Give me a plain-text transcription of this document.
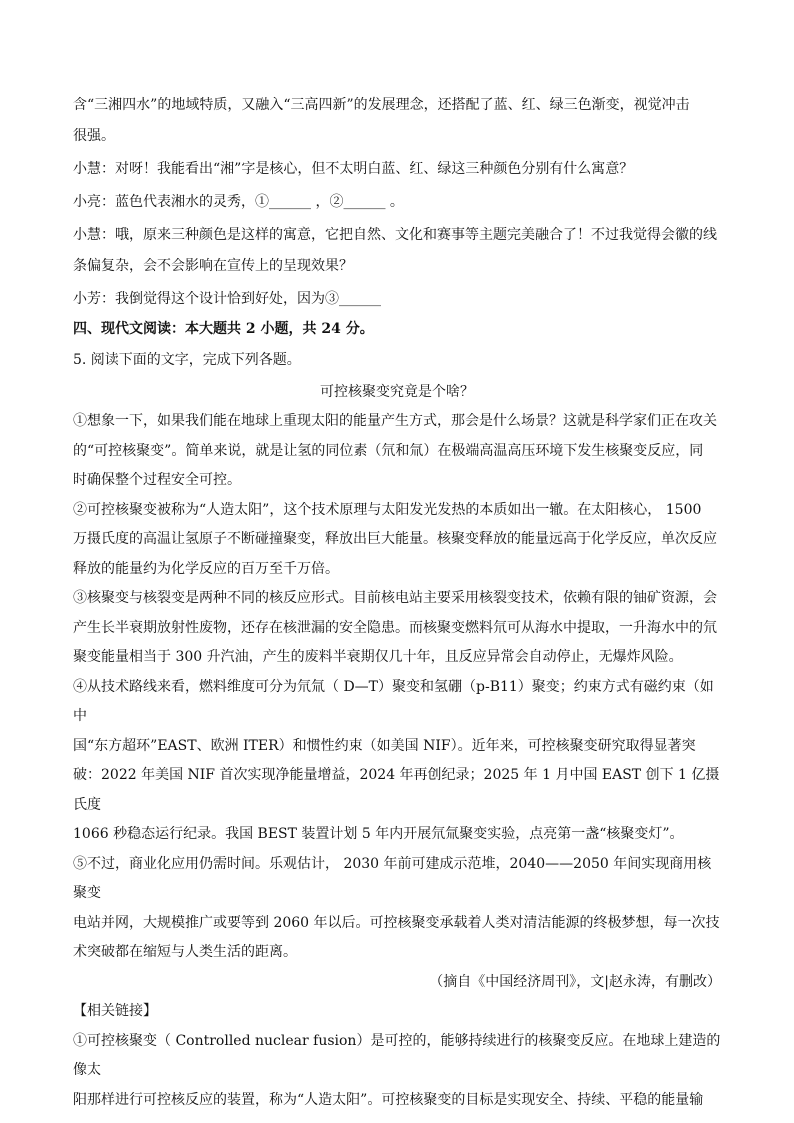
含“三湘四水”的地域特质，又融入“三高四新”的发展理念，还搭配了蓝、红、绿三色渐变，视觉冲击

很强。

小慧：对呀！我能看出“湘”字是核心，但不太明白蓝、红、绿这三种颜色分别有什么寓意？

小亮：蓝色代表湘水的灵秀，①______ ，②______ 。

小慧：哦，原来三种颜色是这样的寓意，它把自然、文化和赛事等主题完美融合了！不过我觉得会徽的线

条偏复杂，会不会影响在宣传上的呈现效果？

小芳：我倒觉得这个设计恰到好处，因为③______

四、现代文阅读：本大题共 2 小题，共 24 分。

5. 阅读下面的文字，完成下列各题。

可控核聚变究竟是个啥？

①想象一下，如果我们能在地球上重现太阳的能量产生方式，那会是什么场景？这就是科学家们正在攻关

的“可控核聚变”。简单来说，就是让氢的同位素（氘和氚）在极端高温高压环境下发生核聚变反应，同

时确保整个过程安全可控。

②可控核聚变被称为“人造太阳”，这个技术原理与太阳发光发热的本质如出一辙。在太阳核心， 1500

万摄氏度的高温让氢原子不断碰撞聚变，释放出巨大能量。核聚变释放的能量远高于化学反应，单次反应

释放的能量约为化学反应的百万至千万倍。

③核聚变与核裂变是两种不同的核反应形式。目前核电站主要采用核裂变技术，依赖有限的铀矿资源，会

产生长半衰期放射性废物，还存在核泄漏的安全隐患。而核聚变燃料氘可从海水中提取，一升海水中的氘

聚变能量相当于 300 升汽油，产生的废料半衰期仅几十年，且反应异常会自动停止，无爆炸风险。

④从技术路线来看，燃料维度可分为氘氚（ D—T）聚变和氢硼（p-B11）聚变；约束方式有磁约束（如中

国“东方超环”EAST、欧洲 ITER）和惯性约束（如美国 NIF）。近年来，可控核聚变研究取得显著突

破：2022 年美国 NIF 首次实现净能量增益，2024 年再创纪录；2025 年 1 月中国 EAST 创下 1 亿摄氏度

1066 秒稳态运行纪录。我国 BEST 装置计划 5 年内开展氘氚聚变实验，点亮第一盏“核聚变灯”。

⑤不过，商业化应用仍需时间。乐观估计， 2030 年前可建成示范堆，2040——2050 年间实现商用核聚变

电站并网，大规模推广或要等到 2060 年以后。可控核聚变承载着人类对清洁能源的终极梦想，每一次技

术突破都在缩短与人类生活的距离。

（摘自《中国经济周刊》，文|赵永涛，有删改）

【相关链接】

①可控核聚变（ Controlled nuclear fusion）是可控的，能够持续进行的核聚变反应。在地球上建造的像太

阳那样进行可控核反应的装置，称为“人造太阳”。可控核聚变的目标是实现安全、持续、平稳的能量输
